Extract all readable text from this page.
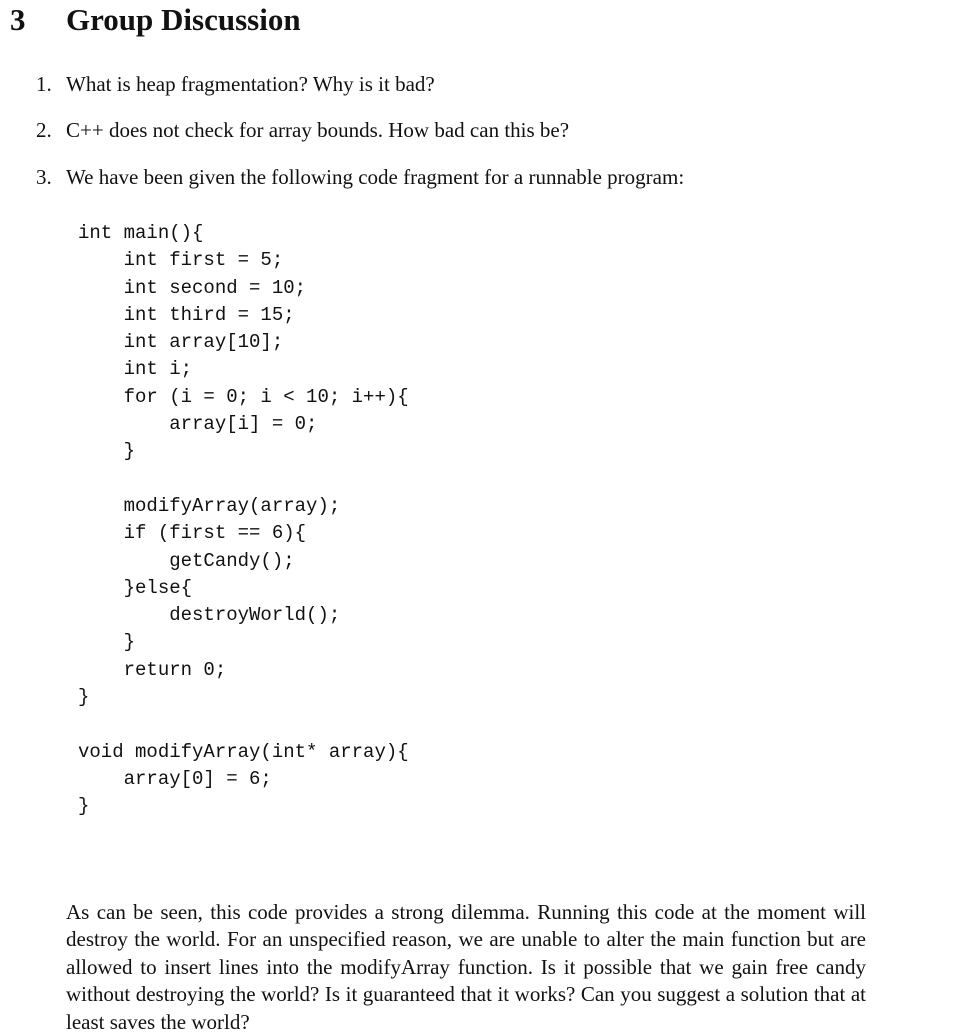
3 Group Discussion
1. What is heap fragmentation? Why is it bad?
2. C++ does not check for array bounds. How bad can this be?
3. We have been given the following code fragment for a runnable program:
int main(){
int first = 5;
int second = 10;
int third = 15;
int array[10];
int i;
for (i = 0; i < 10; i++){
array[i] = 0;
}
modifyArray(array);
if (first == 6){
getCandy();
}else{
destroyWorld();
}
return 0;
}
void modifyArray(int* array){
array[0] = 6;
}

As can be seen, this code provides a strong dilemma. Running this code at the moment will destroy the world. For an unspecified reason, we are unable to alter the main function but are allowed to insert lines into the modifyArray function. Is it possible that we gain free candy without destroying the world? Is it guaranteed that it works? Can you suggest a solution that at least saves the world?
